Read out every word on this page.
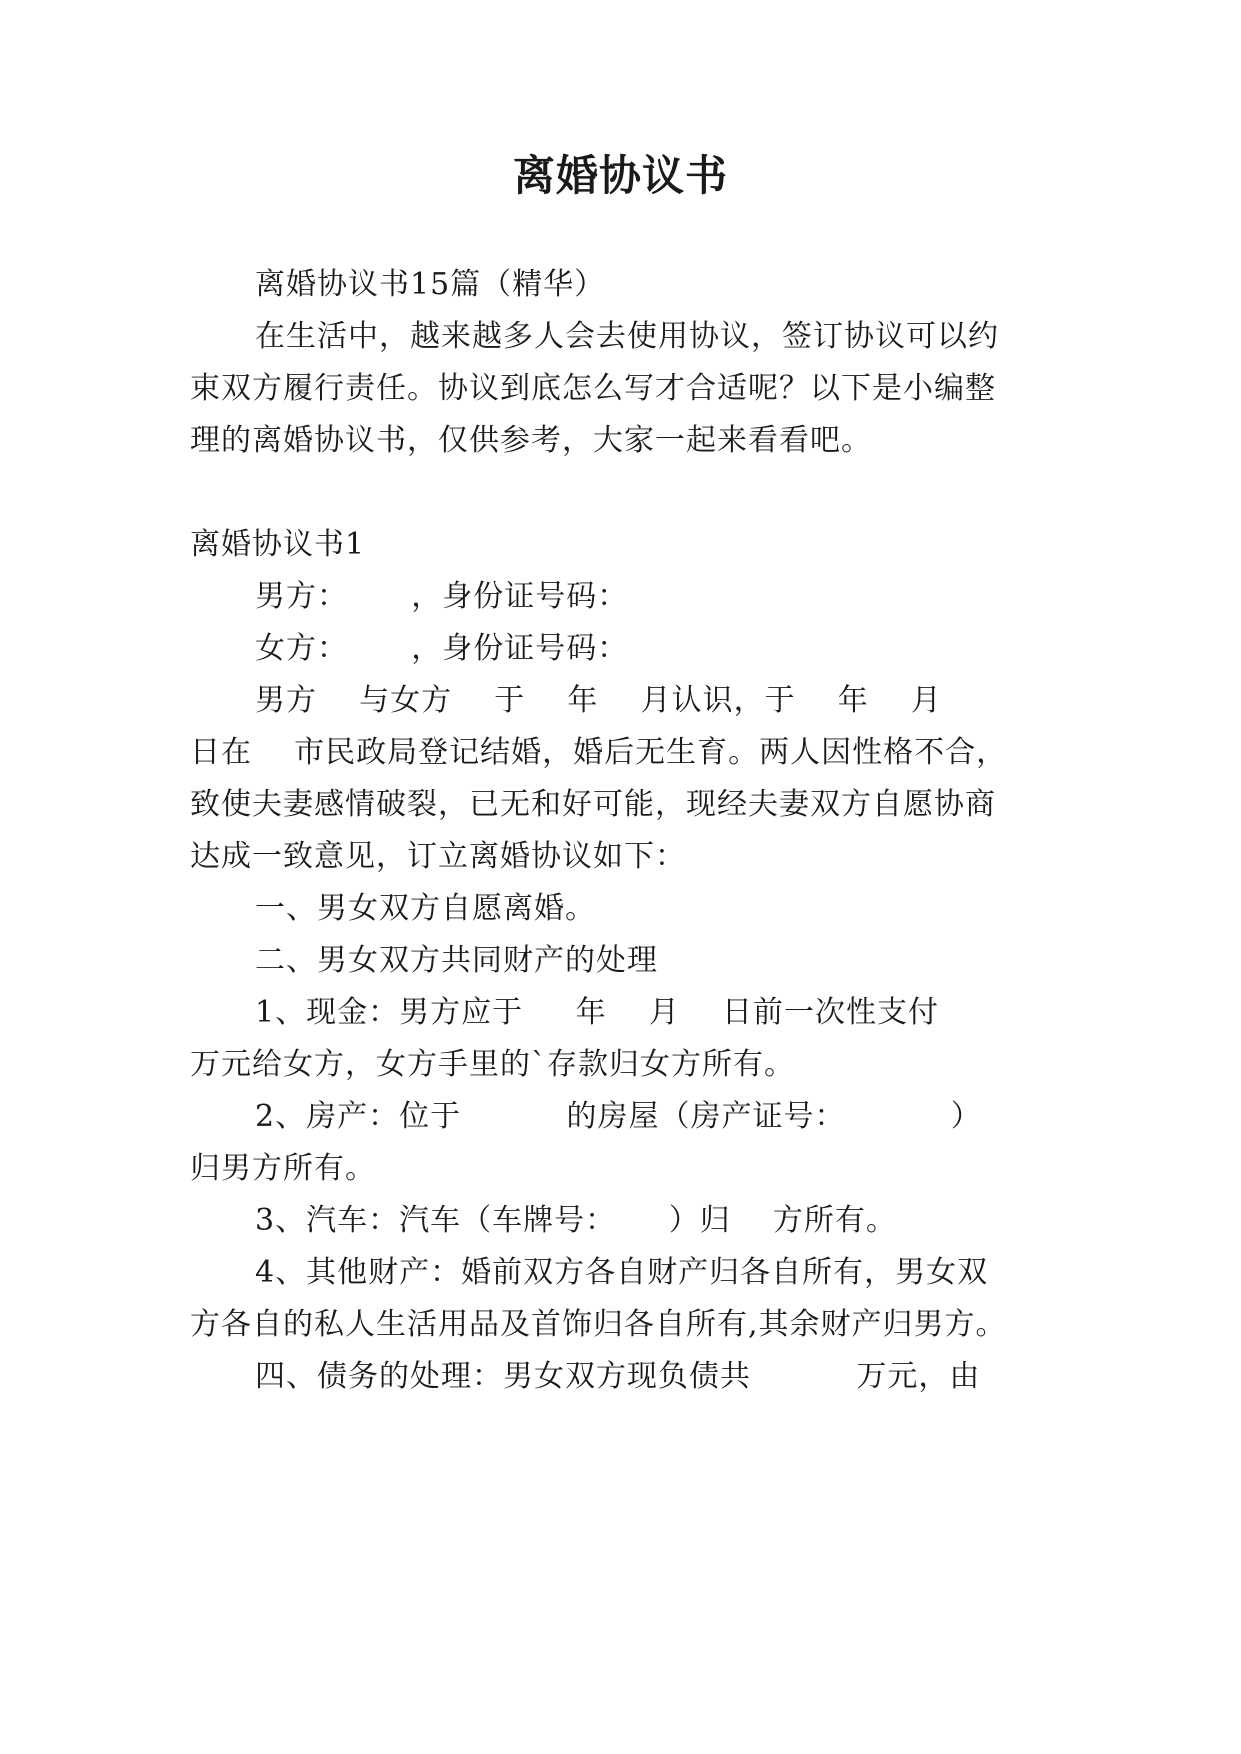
离婚协议书
离婚协议书15篇（精华）
在生活中，越来越多人会去使用协议，签订协议可以约
束双方履行责任。协议到底怎么写才合适呢？以下是小编整
理的离婚协议书，仅供参考，大家一起来看看吧。
离婚协议书1
男方：      ，身份证号码：
女方：      ，身份证号码：
男方    与女方    于    年    月认识，于    年    月
日在    市民政局登记结婚，婚后无生育。两人因性格不合，
致使夫妻感情破裂，已无和好可能，现经夫妻双方自愿协商
达成一致意见，订立离婚协议如下：
一、男女双方自愿离婚。
二、男女双方共同财产的处理
1、现金：男方应于     年    月    日前一次性支付
万元给女方，女方手里的`存款归女方所有。
2、房产：位于          的房屋（房产证号：          ）
归男方所有。
3、汽车：汽车（车牌号：     ）归    方所有。
4、其他财产：婚前双方各自财产归各自所有，男女双
方各自的私人生活用品及首饰归各自所有,其余财产归男方。
四、债务的处理：男女双方现负债共          万元，由
